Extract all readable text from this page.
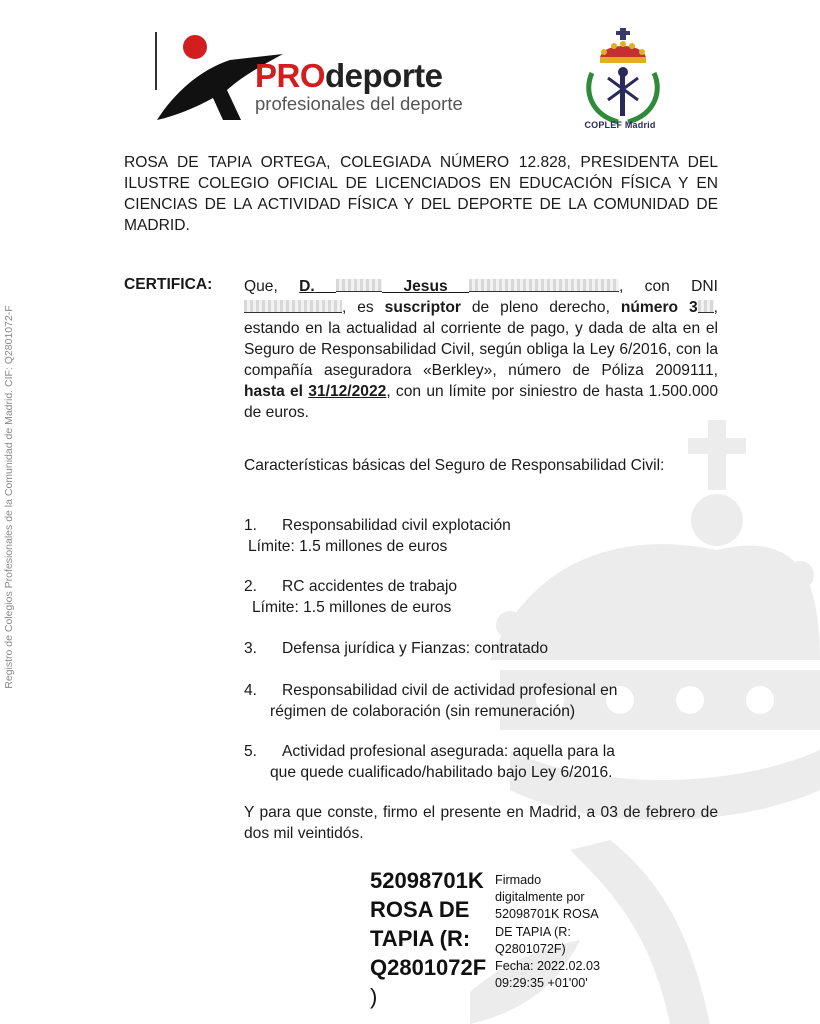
Registro de Colegios Profesionales de la Comunidad de Madrid. CIF: Q2801072-F
PROdeporte
profesionales del deporte
COPLEF Madrid

ROSA DE TAPIA ORTEGA, COLEGIADA NÚMERO 12.828, PRESIDENTA DEL ILUSTRE COLEGIO OFICIAL DE LICENCIADOS EN EDUCACIÓN FÍSICA Y EN CIENCIAS DE LA ACTIVIDAD FÍSICA Y DEL DEPORTE DE LA COMUNIDAD DE MADRID.

CERTIFICA: Que, D.	Jesus	, con DNI , es suscriptor de pleno derecho, número 3 , estando en la actualidad al corriente de pago, y dada de alta en el Seguro de Responsabilidad Civil, según obliga la Ley 6/2016, con la compañía aseguradora «Berkley», número de Póliza 2009111, hasta el 31/12/2022, con un límite por siniestro de hasta 1.500.000 de euros.

Características básicas del Seguro de Responsabilidad Civil:

1. Responsabilidad civil explotación
Límite: 1.5 millones de euros
2. RC accidentes de trabajo
Límite: 1.5 millones de euros
3. Defensa jurídica y Fianzas: contratado
4. Responsabilidad civil de actividad profesional en
régimen de colaboración (sin remuneración)
5. Actividad profesional asegurada: aquella para la
que quede cualificado/habilitado bajo Ley 6/2016.

Y para que conste, firmo el presente en Madrid, a 03 de febrero de dos mil veintidós.

52098701K
ROSA DE
TAPIA (R:
Q2801072F
)
Firmado
digitalmente por
52098701K ROSA
DE TAPIA (R:
Q2801072F)
Fecha: 2022.02.03
09:29:35 +01'00'
